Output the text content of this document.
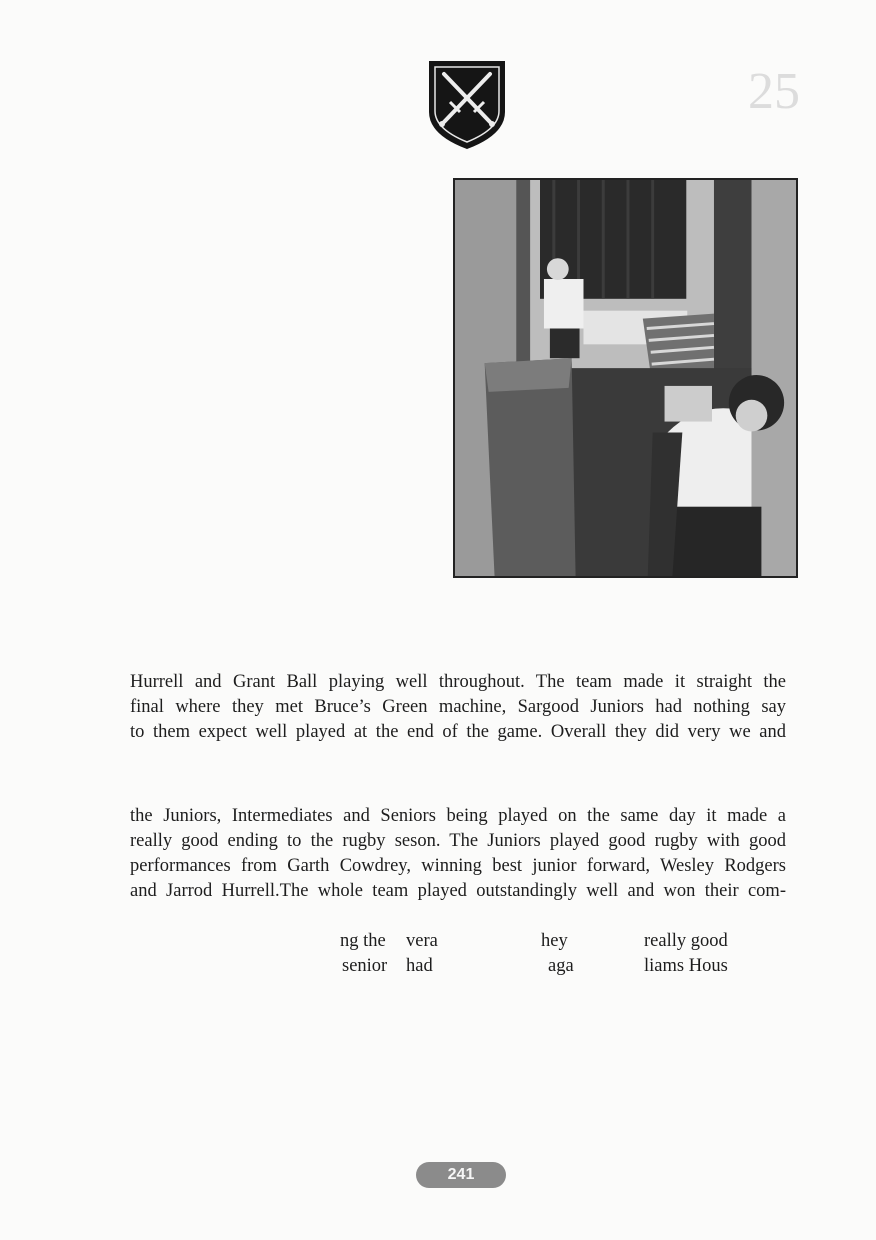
25
Hurrell and Grant Ball playing well throughout. The team made it straight the
final where they met Bruce’s Green machine, Sargood Juniors had nothing say
to them expect well played at the end of the game. Overall they did very we and
the Juniors, Intermediates and Seniors being played on the same day it made a
really good ending to the rugby seson. The Juniors played good rugby with good
performances from Garth Cowdrey, winning best junior forward, Wesley Rodgers
and Jarrod Hurrell.The whole team played outstandingly well and won their com-
ng the vera	hey	really good
senior had	aga	liams Hous
241
